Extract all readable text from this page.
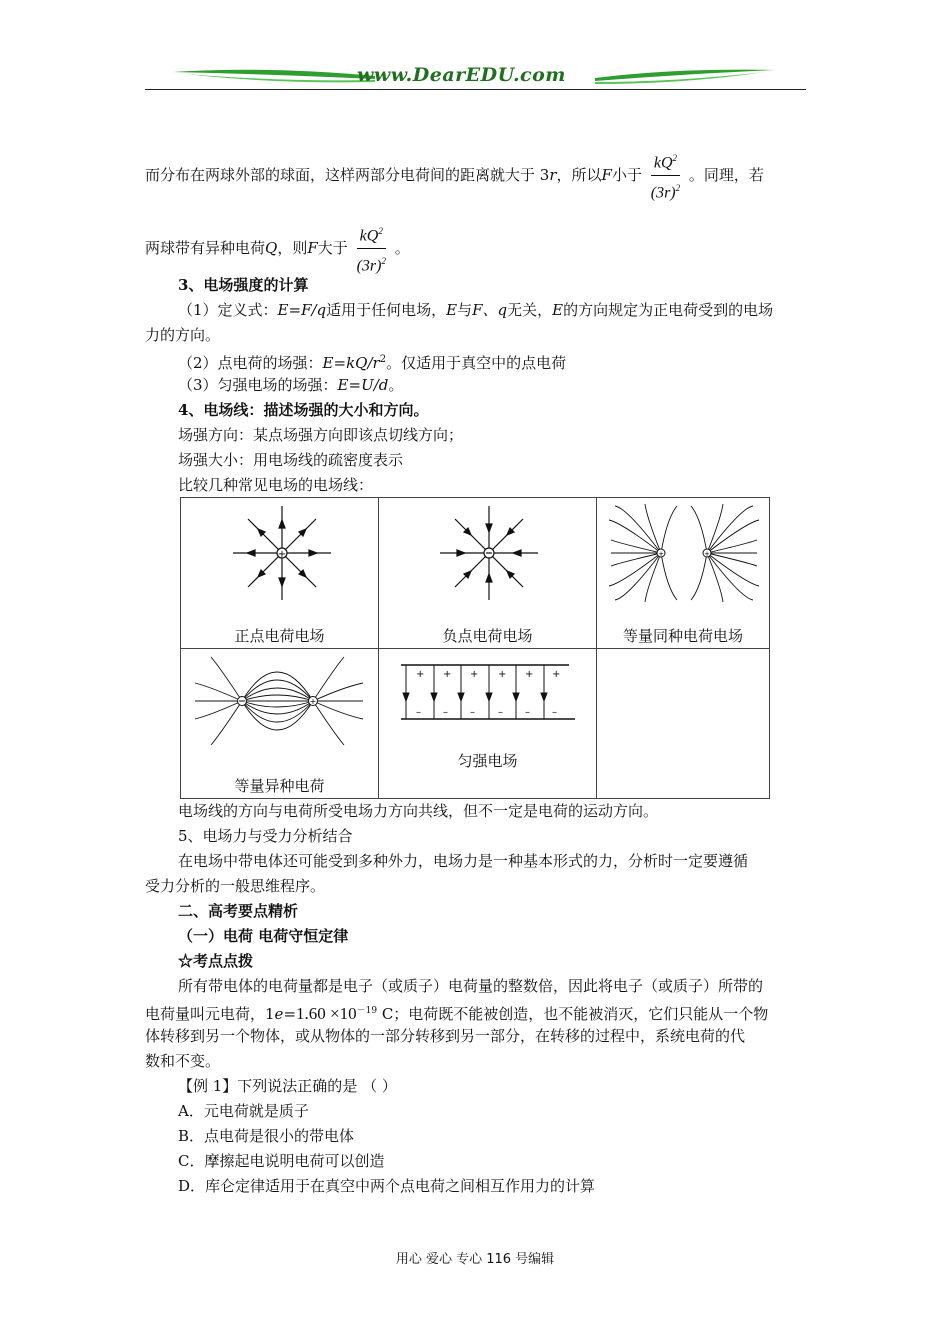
www.DearEDU.com
而分布在两球外部的球面，这样两部分电荷间的距离就大于 3r，所以F小于 $\frac{kQ^2}{(3r)^2}$ 。同理，若
两球带有异种电荷Q，则F大于 $\frac{kQ^2}{(3r)^2}$ 。
3、电场强度的计算
（1）定义式：E=F/q适用于任何电场，E与F、q无关，E的方向规定为正电荷受到的电场
力的方向。
（2）点电荷的场强：$E=kQ/r^2$。仅适用于真空中的点电荷
（3）匀强电场的场强：E=U/d。
4、电场线：描述场强的大小和方向。
场强方向：某点场强方向即该点切线方向；
场强大小：用电场线的疏密度表示
比较几种常见电场的电场线：
+
正点电荷电场	负点电荷电场
+	+
等量同种电荷电场
+
等量异种电荷
+ + + + + +
– – – – – –
匀强电场
电场线的方向与电荷所受电场力方向共线，但不一定是电荷的运动方向。
5、电场力与受力分析结合
在电场中带电体还可能受到多种外力，电场力是一种基本形式的力，分析时一定要遵循
受力分析的一般思维程序。
二、高考要点精析
（一）电荷 电荷守恒定律
☆考点点拨
所有带电体的电荷量都是电子（或质子）电荷量的整数倍，因此将电子（或质子）所带的
电荷量叫元电荷，$1e=1.60 \times 10^{-19}$ C；电荷既不能被创造，也不能被消灭，它们只能从一个物
体转移到另一个物体，或从物体的一部分转移到另一部分，在转移的过程中，系统电荷的代
数和不变。
【例 1】下列说法正确的是 （ ）
A．元电荷就是质子
B．点电荷是很小的带电体
C．摩擦起电说明电荷可以创造
D．库仑定律适用于在真空中两个点电荷之间相互作用力的计算
用心 爱心 专心 116 号编辑
